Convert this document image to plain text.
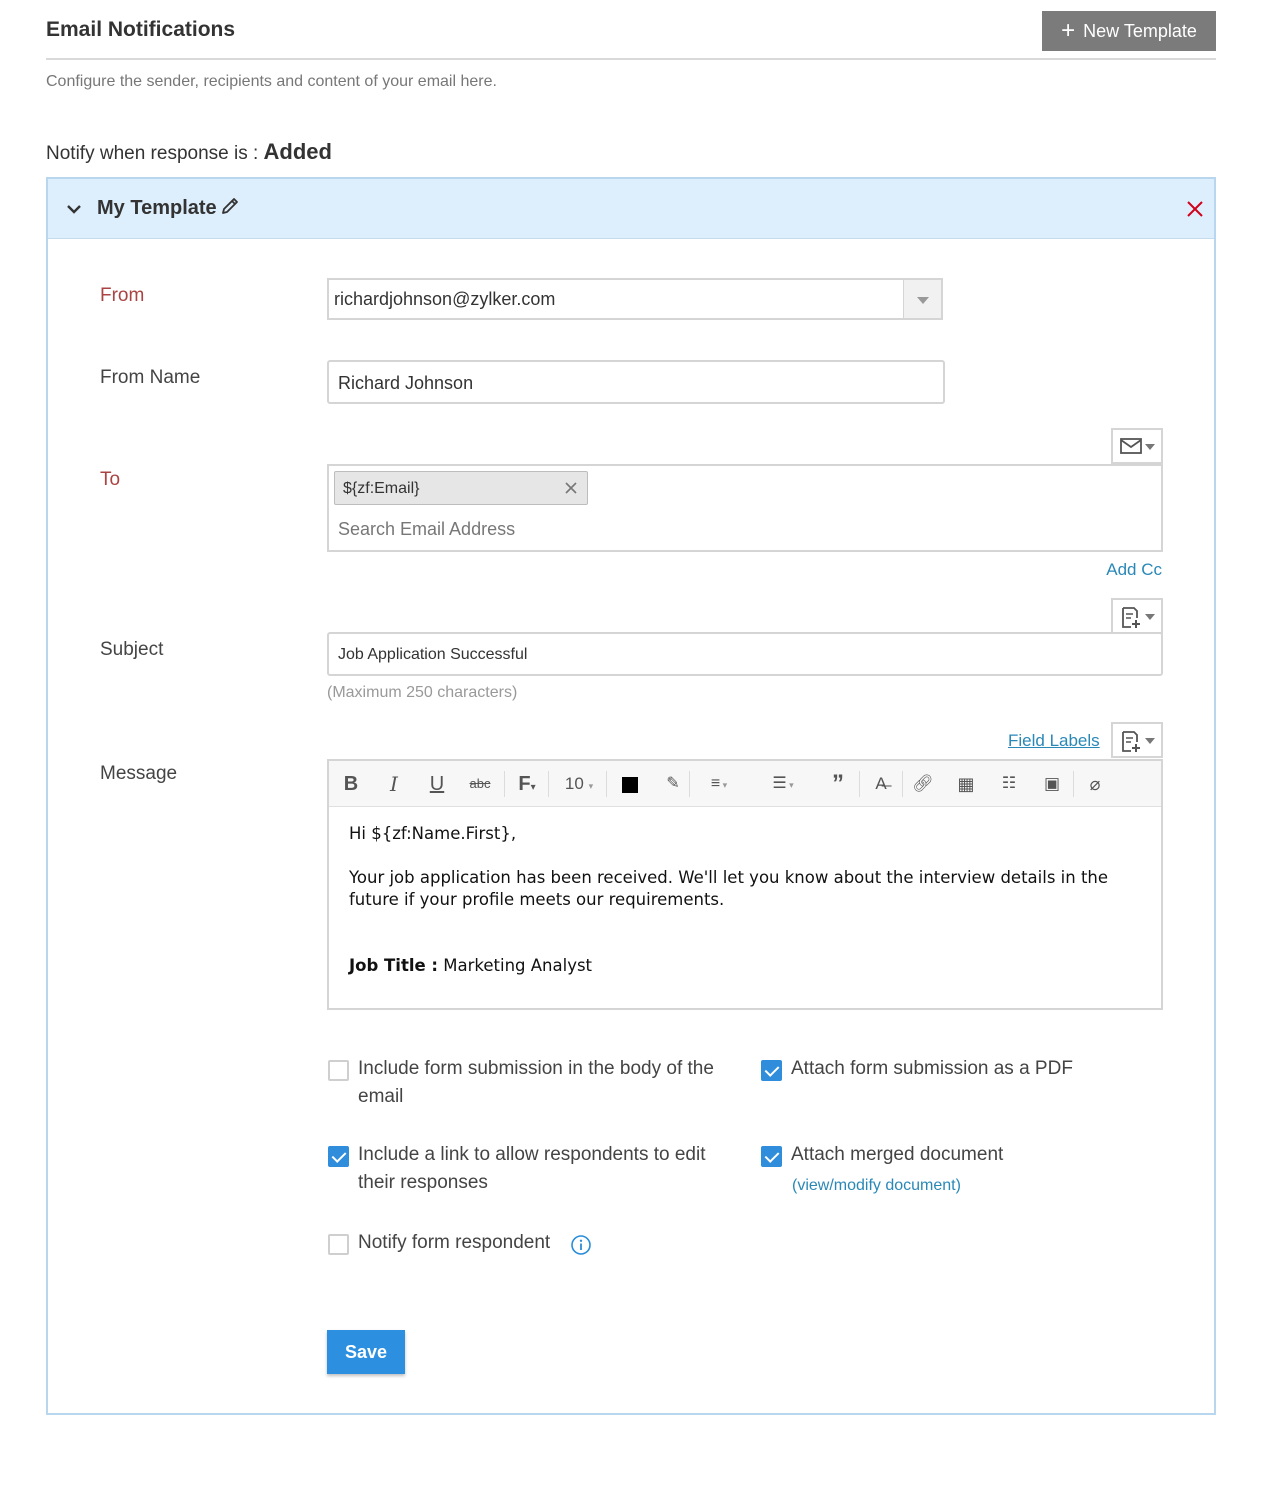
Email Notifications	+ New Template
Configure the sender, recipients and content of your email here.
Notify when response is : Added
My Template
From	richardjohnson@zylker.com
From Name	Richard Johnson
To	${zf:Email}
Search Email Address
Add Cc
Subject	Job Application Successful
(Maximum 250 characters)
Field Labels
Message	B	I	U	abc F▾	10 ▾	✎	≡ ▾	☰ ▾	”	A̶	🔗︎ ▦	☷ ▣	⌀

Hi ${zf:Name.First},

Your job application has been received. We'll let you know about the interview details in the future if your profile meets our requirements.

Job Title : Marketing Analyst

Include form submission in the body of the email
Attach form submission as a PDF
Include a link to allow respondents to edit their responses
Attach merged document
(view/modify document)
Notify form respondent
Save
